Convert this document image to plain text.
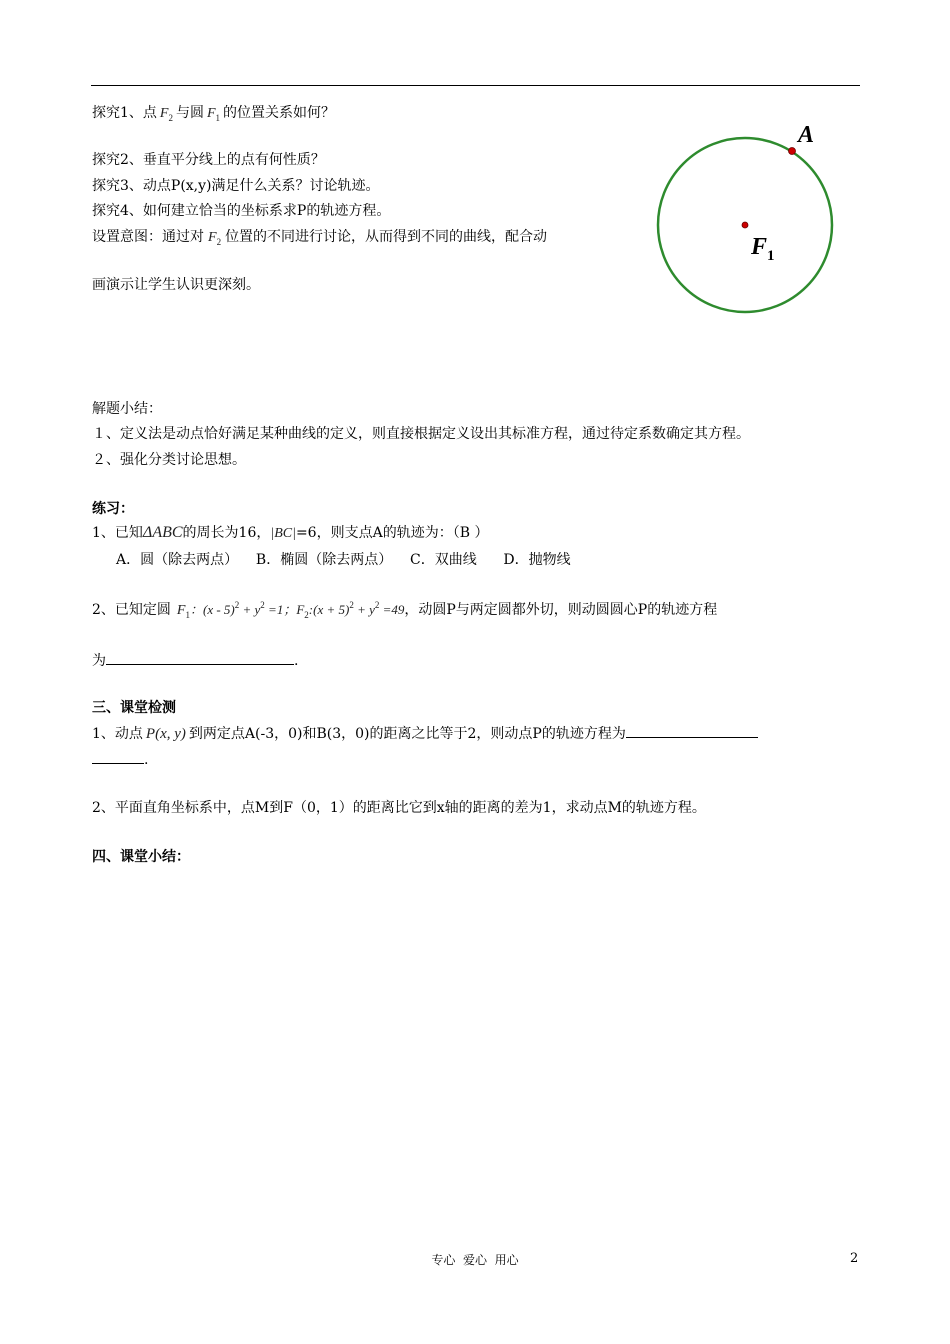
探究1、点 $F_2$ 与圆 $F_1$ 的位置关系如何？
探究2、垂直平分线上的点有何性质？
探究3、动点P(x,y)满足什么关系？讨论轨迹。
探究4、如何建立恰当的坐标系求P的轨迹方程。
设置意图：通过对 $F_2$ 位置的不同进行讨论，从而得到不同的曲线，配合动
画演示让学生认识更深刻。
A
$F_1$
解题小结：
１、定义法是动点恰好满足某种曲线的定义，则直接根据定义设出其标准方程，通过待定系数确定其方程。
２、强化分类讨论思想。
练习：
1、已知ΔABC的周长为16，|BC|=6，则支点A的轨迹为：（B ）
A．圆（除去两点）    B．椭圆（除去两点）    C．双曲线      D．抛物线
2、已知定圆 $F_1$：$(x - 5)^2 + y^2 =1$；$F_2:(x + 5)^2 + y^2 =49$，动圆P与两定圆都外切，则动圆圆心P的轨迹方程
为	.
三、课堂检测
1、动点 P(x, y) 到两定点A(-3，0)和B(3，0)的距离之比等于2，则动点P的轨迹方程为
.
2、平面直角坐标系中，点M到F（0，1）的距离比它到x轴的距离的差为1，求动点M的轨迹方程。
四、课堂小结：
专心  爱心  用心	2
